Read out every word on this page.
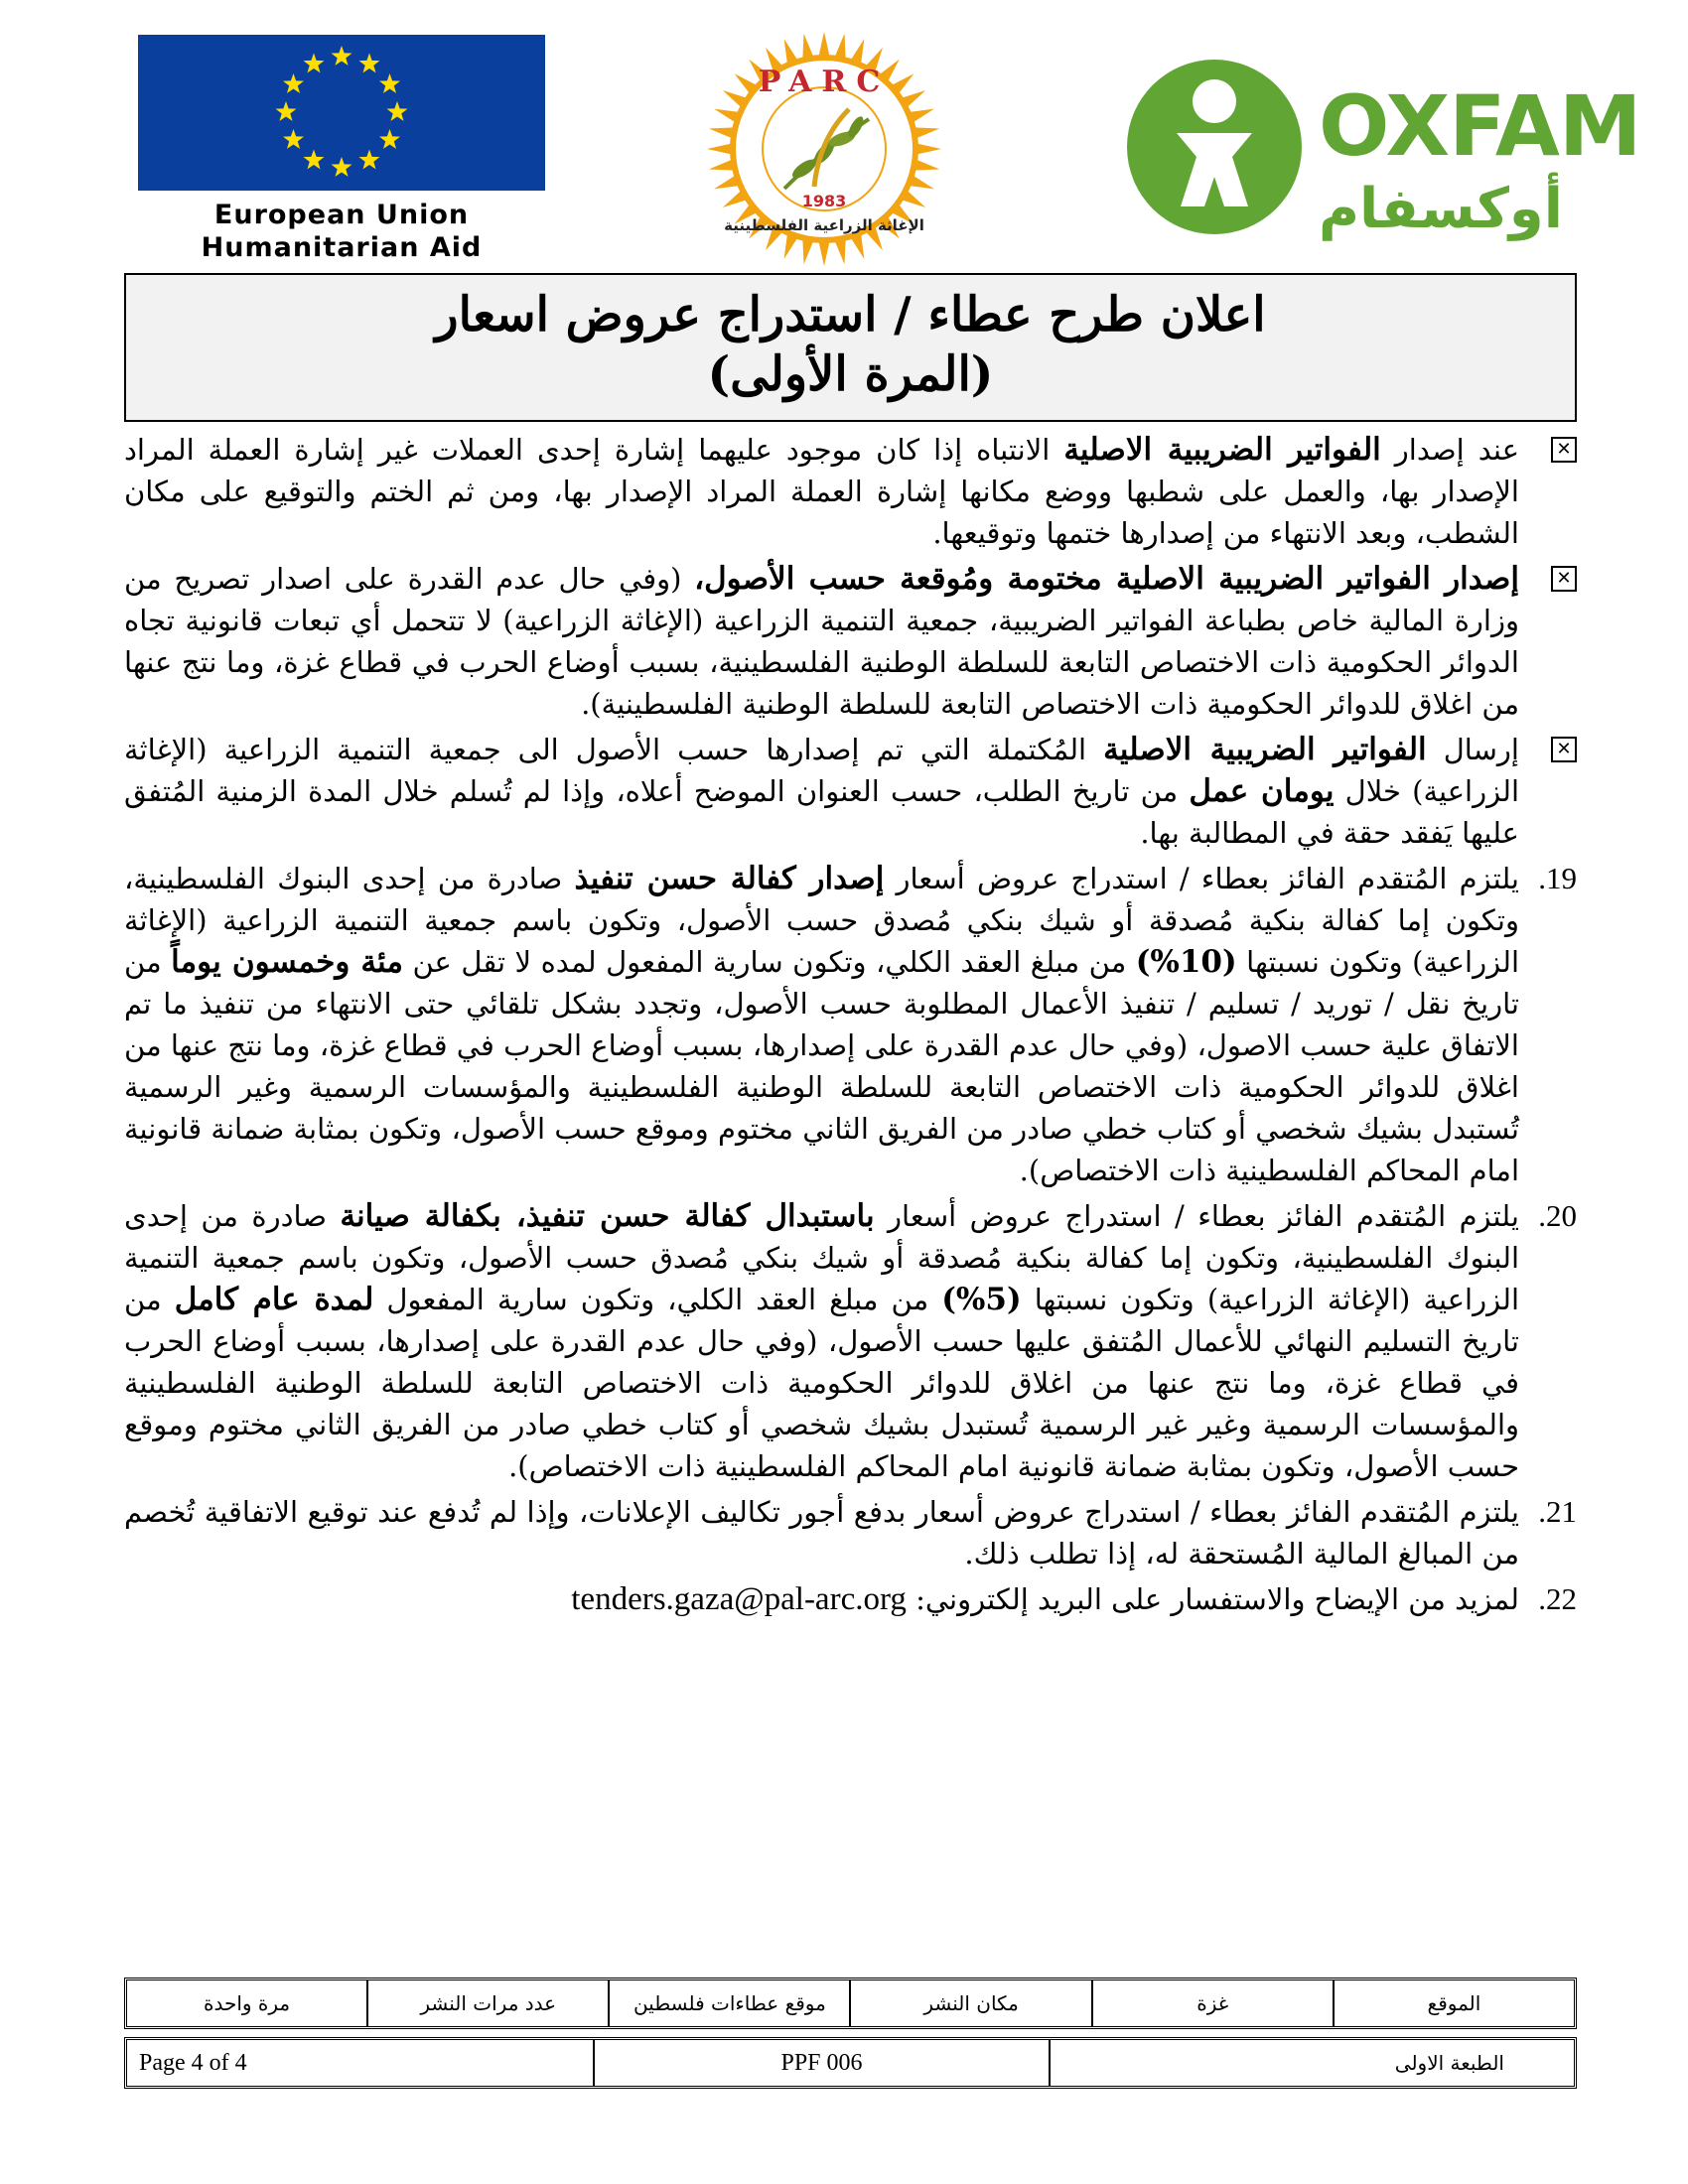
European Union
Humanitarian Aid
PARC
1983
الإغاثة الزراعية الفلسطينية
OXFAM
أوكسفام
اعلان طرح عطاء / استدراج عروض اسعار
(المرة الأولى)
✕
عند إصدار الفواتير الضريبية الاصلية الانتباه إذا كان موجود عليهما إشارة إحدى العملات غير إشارة العملة المراد الإصدار بها، والعمل على شطبها ووضع مكانها إشارة العملة المراد الإصدار بها، ومن ثم الختم والتوقيع على مكان الشطب، وبعد الانتهاء من إصدارها ختمها وتوقيعها.
✕
إصدار الفواتير الضريبية الاصلية مختومة ومُوقعة حسب الأصول، (وفي حال عدم القدرة على اصدار تصريح من وزارة المالية خاص بطباعة الفواتير الضريبية، جمعية التنمية الزراعية (الإغاثة الزراعية) لا تتحمل أي تبعات قانونية تجاه الدوائر الحكومية ذات الاختصاص التابعة للسلطة الوطنية الفلسطينية، بسبب أوضاع الحرب في قطاع غزة، وما نتج عنها من اغلاق للدوائر الحكومية ذات الاختصاص التابعة للسلطة الوطنية الفلسطينية).
✕
إرسال الفواتير الضريبية الاصلية المُكتملة التي تم إصدارها حسب الأصول الى جمعية التنمية الزراعية (الإغاثة الزراعية) خلال يومان عمل من تاريخ الطلب، حسب العنوان الموضح أعلاه، وإذا لم تُسلم خلال المدة الزمنية المُتفق عليها يَفقد حقة في المطالبة بها.
19.
يلتزم المُتقدم الفائز بعطاء / استدراج عروض أسعار إصدار كفالة حسن تنفيذ صادرة من إحدى البنوك الفلسطينية، وتكون إما كفالة بنكية مُصدقة أو شيك بنكي مُصدق حسب الأصول، وتكون باسم جمعية التنمية الزراعية (الإغاثة الزراعية) وتكون نسبتها (10%) من مبلغ العقد الكلي، وتكون سارية المفعول لمده لا تقل عن مئة وخمسون يوماً من تاريخ نقل / توريد / تسليم / تنفيذ الأعمال المطلوبة حسب الأصول، وتجدد بشكل تلقائي حتى الانتهاء من تنفيذ ما تم الاتفاق علية حسب الاصول، (وفي حال عدم القدرة على إصدارها، بسبب أوضاع الحرب في قطاع غزة، وما نتج عنها من اغلاق للدوائر الحكومية ذات الاختصاص التابعة للسلطة الوطنية الفلسطينية والمؤسسات الرسمية وغير الرسمية تُستبدل بشيك شخصي أو كتاب خطي صادر من الفريق الثاني مختوم وموقع حسب الأصول، وتكون بمثابة ضمانة قانونية امام المحاكم الفلسطينية ذات الاختصاص).
20.
يلتزم المُتقدم الفائز بعطاء / استدراج عروض أسعار باستبدال كفالة حسن تنفيذ، بكفالة صيانة صادرة من إحدى البنوك الفلسطينية، وتكون إما كفالة بنكية مُصدقة أو شيك بنكي مُصدق حسب الأصول، وتكون باسم جمعية التنمية الزراعية (الإغاثة الزراعية) وتكون نسبتها (5%) من مبلغ العقد الكلي، وتكون سارية المفعول لمدة عام كامل من تاريخ التسليم النهائي للأعمال المُتفق عليها حسب الأصول، (وفي حال عدم القدرة على إصدارها، بسبب أوضاع الحرب في قطاع غزة، وما نتج عنها من اغلاق للدوائر الحكومية ذات الاختصاص التابعة للسلطة الوطنية الفلسطينية والمؤسسات الرسمية وغير غير الرسمية تُستبدل بشيك شخصي أو كتاب خطي صادر من الفريق الثاني مختوم وموقع حسب الأصول، وتكون بمثابة ضمانة قانونية امام المحاكم الفلسطينية ذات الاختصاص).
21.
يلتزم المُتقدم الفائز بعطاء / استدراج عروض أسعار بدفع أجور تكاليف الإعلانات، وإذا لم تُدفع عند توقيع الاتفاقية تُخصم من المبالغ المالية المُستحقة له، إذا تطلب ذلك.
22.
لمزيد من الإيضاح والاستفسار على البريد إلكتروني: tenders.gaza@pal-arc.org
الموقع
غزة
مكان النشر
موقع عطاءات فلسطين
عدد مرات النشر
مرة واحدة
Page 4 of 4	PPF 006	الطبعة الاولى
